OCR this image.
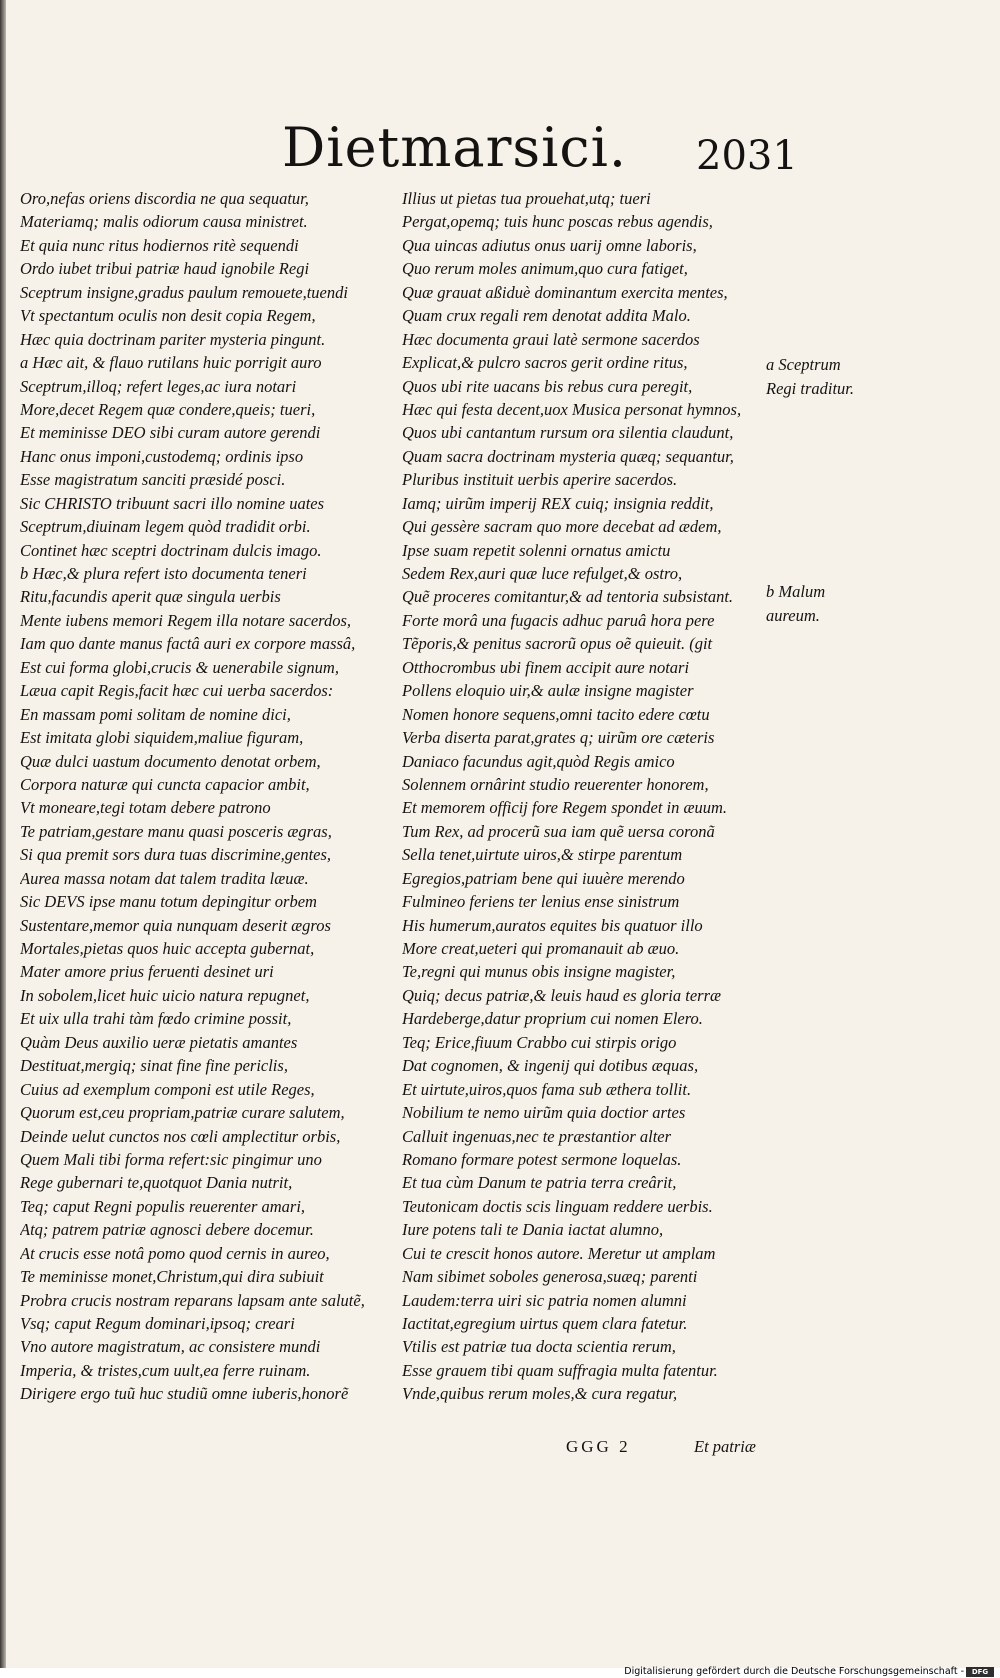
Dietmarsici. 2031
Oro,nefas oriens discordia ne qua sequatur,
Materiamq; malis odiorum causa ministret.
Et quia nunc ritus hodiernos ritè sequendi
Ordo iubet tribui patriæ haud ignobile Regi
Sceptrum insigne,gradus paulum remouete,tuendi
Vt spectantum oculis non desit copia Regem,
Hæc quia doctrinam pariter mysteria pingunt.
a Hæc ait, & flauo rutilans huic porrigit auro
Sceptrum,illoq; refert leges,ac iura notari
More,decet Regem quæ condere,queis; tueri,
Et meminisse DEO sibi curam autore gerendi
Hanc onus imponi,custodemq; ordinis ipso
Esse magistratum sanciti præsidé posci.
Sic CHRISTO tribuunt sacri illo nomine uates
Sceptrum,diuinam legem quòd tradidit orbi.
Continet hæc sceptri doctrinam dulcis imago.
b Hæc,& plura refert isto documenta teneri
Ritu,facundis aperit quæ singula uerbis
Mente iubens memori Regem illa notare sacerdos,
Iam quo dante manus factâ auri ex corpore massâ,
Est cui forma globi,crucis & uenerabile signum,
Læua capit Regis,facit hæc cui uerba sacerdos:
En massam pomi solitam de nomine dici,
Est imitata globi siquidem,maliue figuram,
Quæ dulci uastum documento denotat orbem,
Corpora naturæ qui cuncta capacior ambit,
Vt moneare,tegi totam debere patrono
Te patriam,gestare manu quasi posceris ægras,
Si qua premit sors dura tuas discrimine,gentes,
Aurea massa notam dat talem tradita læuæ.
Sic DEVS ipse manu totum depingitur orbem
Sustentare,memor quia nunquam deserit ægros
Mortales,pietas quos huic accepta gubernat,
Mater amore prius feruenti desinet uri
In sobolem,licet huic uicio natura repugnet,
Et uix ulla trahi tàm fœdo crimine possit,
Quàm Deus auxilio ueræ pietatis amantes
Destituat,mergiq; sinat fine fine periclis,
Cuius ad exemplum componi est utile Reges,
Quorum est,ceu propriam,patriæ curare salutem,
Deinde uelut cunctos nos cœli amplectitur orbis,
Quem Mali tibi forma refert:sic pingimur uno
Rege gubernari te,quotquot Dania nutrit,
Teq; caput Regni populis reuerenter amari,
Atq; patrem patriæ agnosci debere docemur.
At crucis esse notâ pomo quod cernis in aureo,
Te meminisse monet,Christum,qui dira subiuit
Probra crucis nostram reparans lapsam ante salutẽ,
Vsq; caput Regum dominari,ipsoq; creari
Vno autore magistratum, ac consistere mundi
Imperia, & tristes,cum uult,ea ferre ruinam.
Dirigere ergo tuũ huc studiũ omne iuberis,honorẽ
Illius ut pietas tua prouehat,utq; tueri
Pergat,opemq; tuis hunc poscas rebus agendis,
Qua uincas adiutus onus uarij omne laboris,
Quo rerum moles animum,quo cura fatiget,
Quæ grauat aßiduè dominantum exercita mentes,
Quam crux regali rem denotat addita Malo.
Hæc documenta graui latè sermone sacerdos
Explicat,& pulcro sacros gerit ordine ritus,
Quos ubi rite uacans bis rebus cura peregit,
Hæc qui festa decent,uox Musica personat hymnos,
Quos ubi cantantum rursum ora silentia claudunt,
Quam sacra doctrinam mysteria quæq; sequantur,
Pluribus instituit uerbis aperire sacerdos.
Iamq; uirũm imperij REX cuiq; insignia reddit,
Qui gessère sacram quo more decebat ad ædem,
Ipse suam repetit solenni ornatus amictu
Sedem Rex,auri quæ luce refulget,& ostro,
Quẽ proceres comitantur,& ad tentoria subsistant.
Forte morâ una fugacis adhuc paruâ hora pere
Tẽporis,& penitus sacrorũ opus oẽ quieuit. (git
Otthocrombus ubi finem accipit aure notari
Pollens eloquio uir,& aulæ insigne magister
Nomen honore sequens,omni tacito edere cœtu
Verba diserta parat,grates q; uirũm ore cæteris
Daniaco facundus agit,quòd Regis amico
Solennem ornârint studio reuerenter honorem,
Et memorem officij fore Regem spondet in æuum.
Tum Rex, ad procerũ sua iam quẽ uersa coronã
Sella tenet,uirtute uiros,& stirpe parentum
Egregios,patriam bene qui iuuère merendo
Fulmineo feriens ter lenius ense sinistrum
His humerum,auratos equites bis quatuor illo
More creat,ueteri qui promanauit ab æuo.
Te,regni qui munus obis insigne magister,
Quiq; decus patriæ,& leuis haud es gloria terræ
Hardeberge,datur proprium cui nomen Elero.
Teq; Erice,fiuum Crabbo cui stirpis origo
Dat cognomen, & ingenij qui dotibus æquas,
Et uirtute,uiros,quos fama sub æthera tollit.
Nobilium te nemo uirũm quia doctior artes
Calluit ingenuas,nec te præstantior alter
Romano formare potest sermone loquelas.
Et tua cùm Danum te patria terra creârit,
Teutonicam doctis scis linguam reddere uerbis.
Iure potens tali te Dania iactat alumno,
Cui te crescit honos autore. Meretur ut amplam
Nam sibimet soboles generosa,suæq; parenti
Laudem:terra uiri sic patria nomen alumni
Iactitat,egregium uirtus quem clara fatetur.
Vtilis est patriæ tua docta scientia rerum,
Esse grauem tibi quam suffragia multa fatentur.
Vnde,quibus rerum moles,& cura regatur,
a Sceptrum
Regi traditur.
b Malum
aureum.
GGG 2	Et patriæ
Digitalisierung gefördert durch die Deutsche Forschungsgemeinschaft -	DFG
